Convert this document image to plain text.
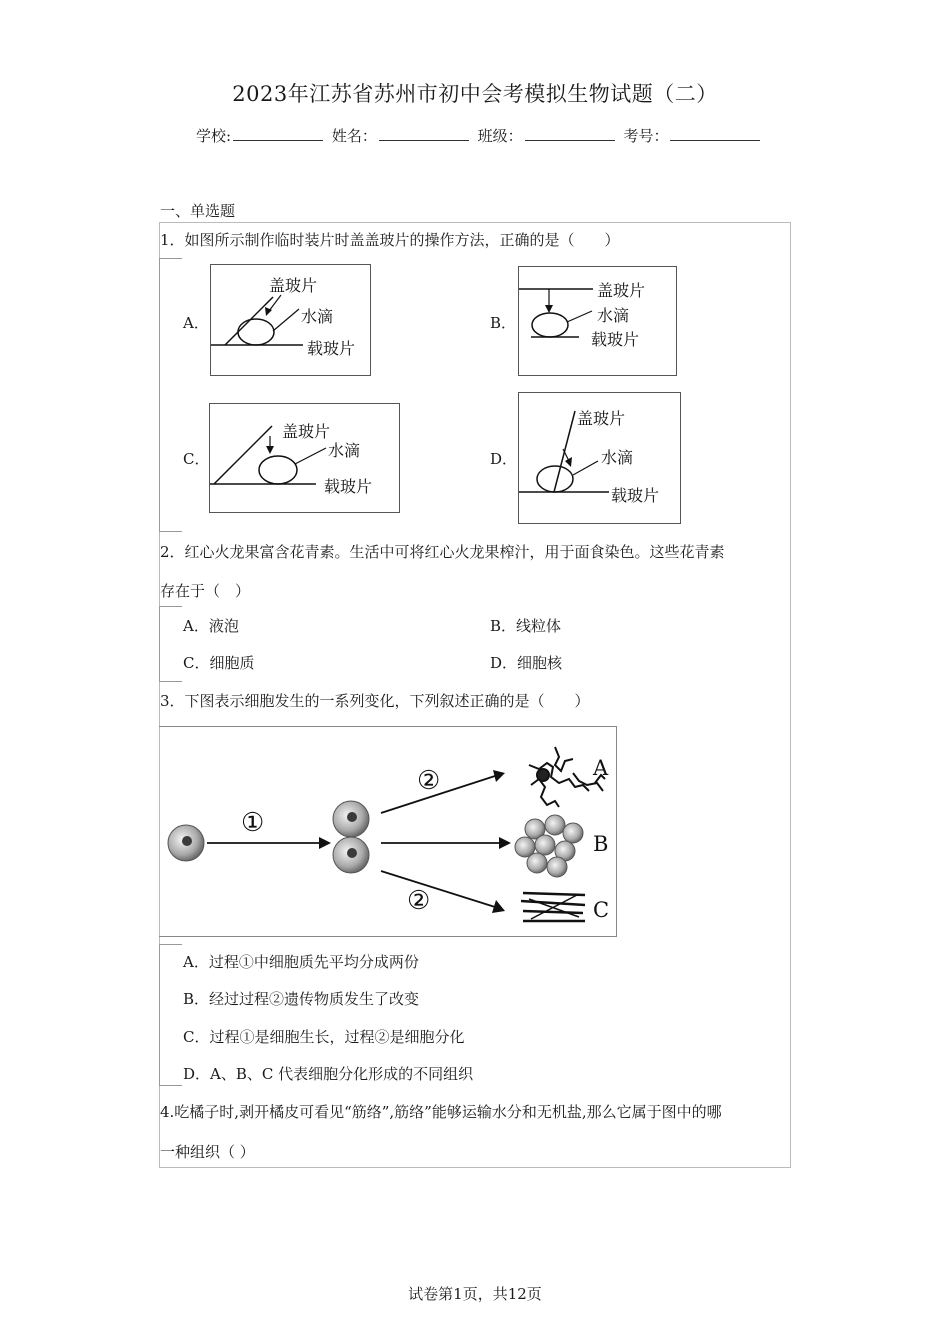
2023年江苏省苏州市初中会考模拟生物试题（二）
学校:	姓名：	班级：	考号：
一、单选题
1．如图所示制作临时装片时盖盖玻片的操作方法，正确的是（　　）
A．
盖玻片
水滴
载玻片
B．
盖玻片
水滴
载玻片
C．
盖玻片
水滴
载玻片
D．
盖玻片
水滴
载玻片
2．红心火龙果富含花青素。生活中可将红心火龙果榨汁，用于面食染色。这些花青素
存在于（　）
A．液泡	B．线粒体
C．细胞质	D．细胞核
3．下图表示细胞发生的一系列变化，下列叙述正确的是（　　）
①
②
②
A
B
C
A．过程①中细胞质先平均分成两份
B．经过过程②遗传物质发生了改变
C．过程①是细胞生长，过程②是细胞分化
D．A、B、C 代表细胞分化形成的不同组织
4.吃橘子时,剥开橘皮可看见“筋络”,筋络”能够运输水分和无机盐,那么它属于图中的哪
一种组织（ ）
试卷第1页，共12页
